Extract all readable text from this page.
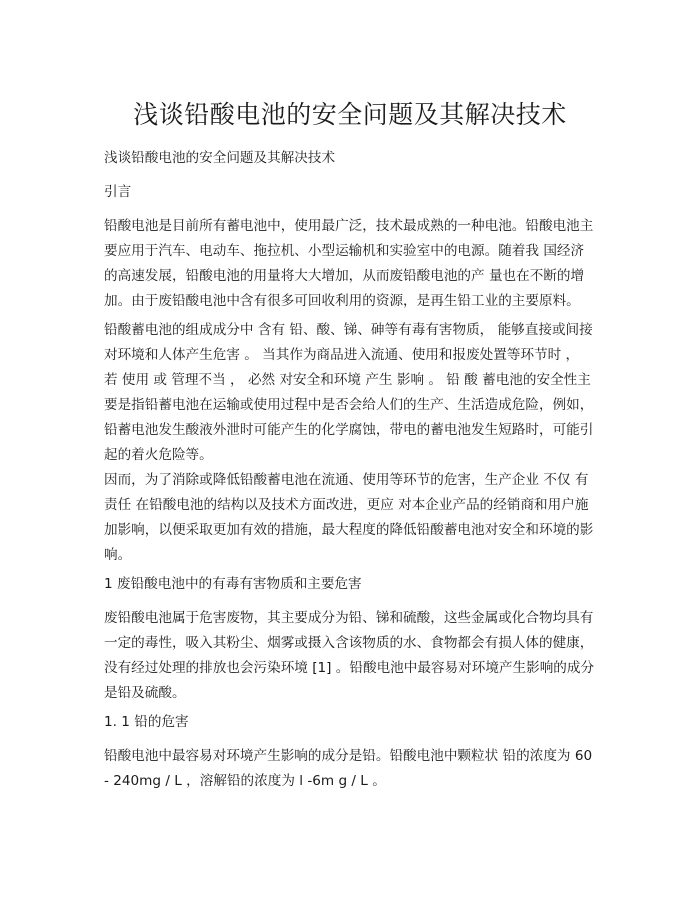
浅谈铅酸电池的安全问题及其解决技术

浅谈铅酸电池的安全问题及其解决技术

引言

铅酸电池是目前所有蓄电池中，使用最广泛，技术最成熟的一种电池。铅酸电池主
要应用于汽车、电动车、拖拉机、小型运输机和实验室中的电源。随着我 国经济
的高速发展，铅酸电池的用量将大大增加，从而废铅酸电池的产 量也在不断的增
加。由于废铅酸电池中含有很多可回收利用的资源，是再生铅工业的主要原料。
铅酸蓄电池的组成成分中 含有 铅、酸、锑、砷等有毒有害物质， 能够直接或间接
对环境和人体产生危害 。 当其作为商品进入流通、使用和报废处置等环节时 ，
若 使用 或 管理不当 ， 必然 对安全和环境 产生 影响 。 铅 酸 蓄电池的安全性主
要是指铅蓄电池在运输或使用过程中是否会给人们的生产、生活造成危险，例如，
铅蓄电池发生酸液外泄时可能产生的化学腐蚀，带电的蓄电池发生短路时，可能引
起的着火危险等。
因而，为了消除或降低铅酸蓄电池在流通、使用等环节的危害，生产企业 不仅 有
责任 在铅酸电池的结构以及技术方面改进，更应 对本企业产品的经销商和用户施
加影响，以便采取更加有效的措施，最大程度的降低铅酸蓄电池对安全和环境的影
响。

1 废铅酸电池中的有毒有害物质和主要危害

废铅酸电池属于危害废物，其主要成分为铅、锑和硫酸，这些金属或化合物均具有
一定的毒性，吸入其粉尘、烟雾或摄入含该物质的水、食物都会有损人体的健康，
没有经过处理的排放也会污染环境 [1] 。铅酸电池中最容易对环境产生影响的成分
是铅及硫酸。

1. 1 铅的危害

铅酸电池中最容易对环境产生影响的成分是铅。铅酸电池中颗粒状 铅的浓度为 60
- 240mg / L ，溶解铅的浓度为 l -6m g / L 。
